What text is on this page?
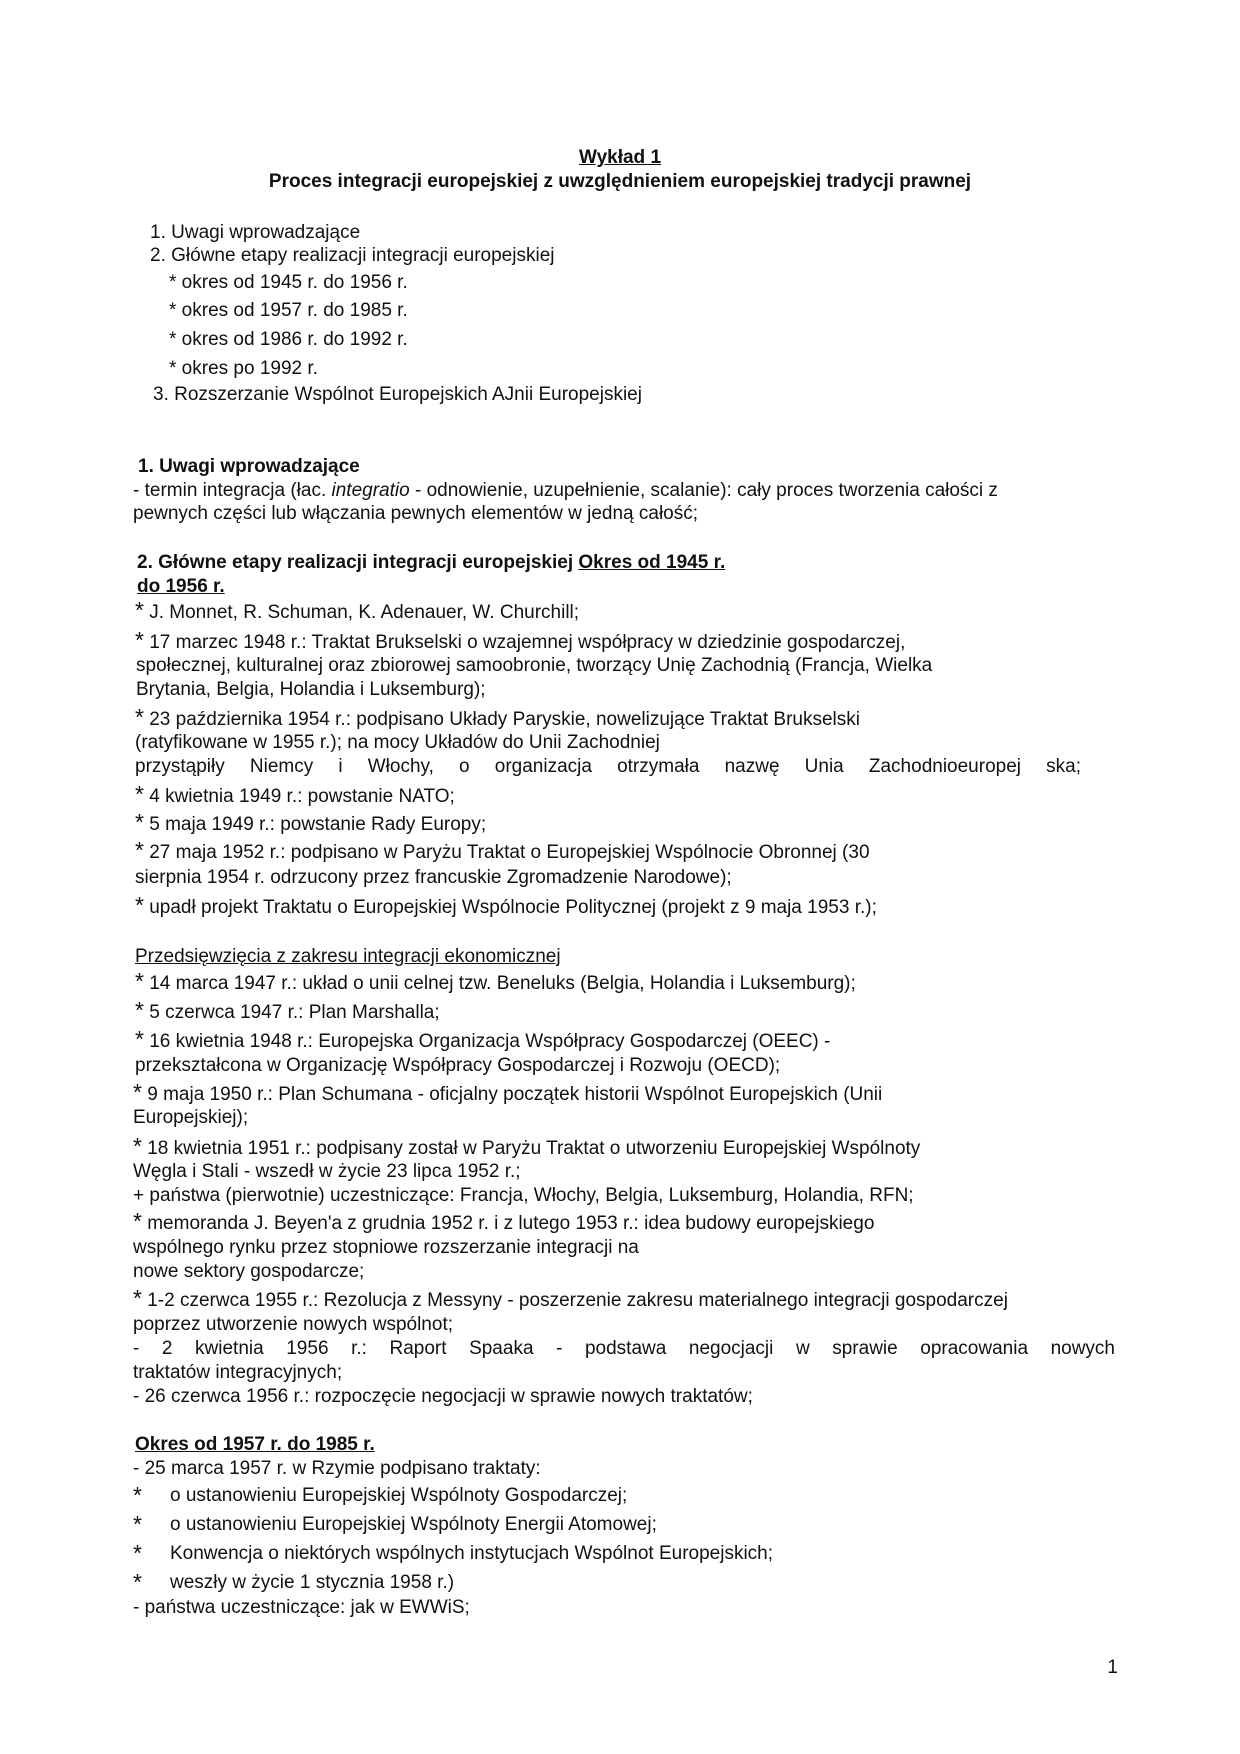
Wykład 1
Proces integracji europejskiej z uwzględnieniem europejskiej tradycji prawnej
1. Uwagi wprowadzające
2. Główne etapy realizacji integracji europejskiej
* okres od 1945 r. do 1956 r.
* okres od 1957 r. do 1985 r.
* okres od 1986 r. do 1992 r.
* okres po 1992 r.
3. Rozszerzanie Wspólnot Europejskich AJnii Europejskiej
1. Uwagi wprowadzające
- termin integracja (łac. integratio - odnowienie, uzupełnienie, scalanie): cały proces tworzenia całości z
pewnych części lub włączania pewnych elementów w jedną całość;
2. Główne etapy realizacji integracji europejskiej Okres od 1945 r.
do 1956 r.
* J. Monnet, R. Schuman, K. Adenauer, W. Churchill;
* 17 marzec 1948 r.: Traktat Brukselski o wzajemnej współpracy w dziedzinie gospodarczej,
społecznej, kulturalnej oraz zbiorowej samoobronie, tworzący Unię Zachodnią (Francja, Wielka
Brytania, Belgia, Holandia i Luksemburg);
* 23 października 1954 r.: podpisano Układy Paryskie, nowelizujące Traktat Brukselski
(ratyfikowane w 1955 r.); na mocy Układów do Unii Zachodniej
przystąpiły Niemcy i Włochy, o organizacja otrzymała nazwę Unia Zachodnioeuropej ska;
* 4 kwietnia 1949 r.: powstanie NATO;
* 5 maja 1949 r.: powstanie Rady Europy;
* 27 maja 1952 r.: podpisano w Paryżu Traktat o Europejskiej Wspólnocie Obronnej (30
sierpnia 1954 r. odrzucony przez francuskie Zgromadzenie Narodowe);
* upadł projekt Traktatu o Europejskiej Wspólnocie Politycznej (projekt z 9 maja 1953 r.);
Przedsięwzięcia z zakresu integracji ekonomicznej
* 14 marca 1947 r.: układ o unii celnej tzw. Beneluks (Belgia, Holandia i Luksemburg);
* 5 czerwca 1947 r.: Plan Marshalla;
* 16 kwietnia 1948 r.: Europejska Organizacja Współpracy Gospodarczej (OEEC) -
przekształcona w Organizację Współpracy Gospodarczej i Rozwoju (OECD);
* 9 maja 1950 r.: Plan Schumana - oficjalny początek historii Wspólnot Europejskich (Unii
Europejskiej);
* 18 kwietnia 1951 r.: podpisany został w Paryżu Traktat o utworzeniu Europejskiej Wspólnoty
Węgla i Stali - wszedł w życie 23 lipca 1952 r.;
+ państwa (pierwotnie) uczestniczące: Francja, Włochy, Belgia, Luksemburg, Holandia, RFN;
* memoranda J. Beyen'a z grudnia 1952 r. i z lutego 1953 r.: idea budowy europejskiego
wspólnego rynku przez stopniowe rozszerzanie integracji na
nowe sektory gospodarcze;
* 1-2 czerwca 1955 r.: Rezolucja z Messyny - poszerzenie zakresu materialnego integracji gospodarczej
poprzez utworzenie nowych wspólnot;
- 2 kwietnia 1956 r.: Raport Spaaka - podstawa negocjacji w sprawie opracowania nowych
traktatów integracyjnych;
- 26 czerwca 1956 r.: rozpoczęcie negocjacji w sprawie nowych traktatów;
Okres od 1957 r. do 1985 r.
- 25 marca 1957 r. w Rzymie podpisano traktaty:
* o ustanowieniu Europejskiej Wspólnoty Gospodarczej;
* o ustanowieniu Europejskiej Wspólnoty Energii Atomowej;
* Konwencja o niektórych wspólnych instytucjach Wspólnot Europejskich;
* weszły w życie 1 stycznia 1958 r.)
- państwa uczestniczące: jak w EWWiS;
1
